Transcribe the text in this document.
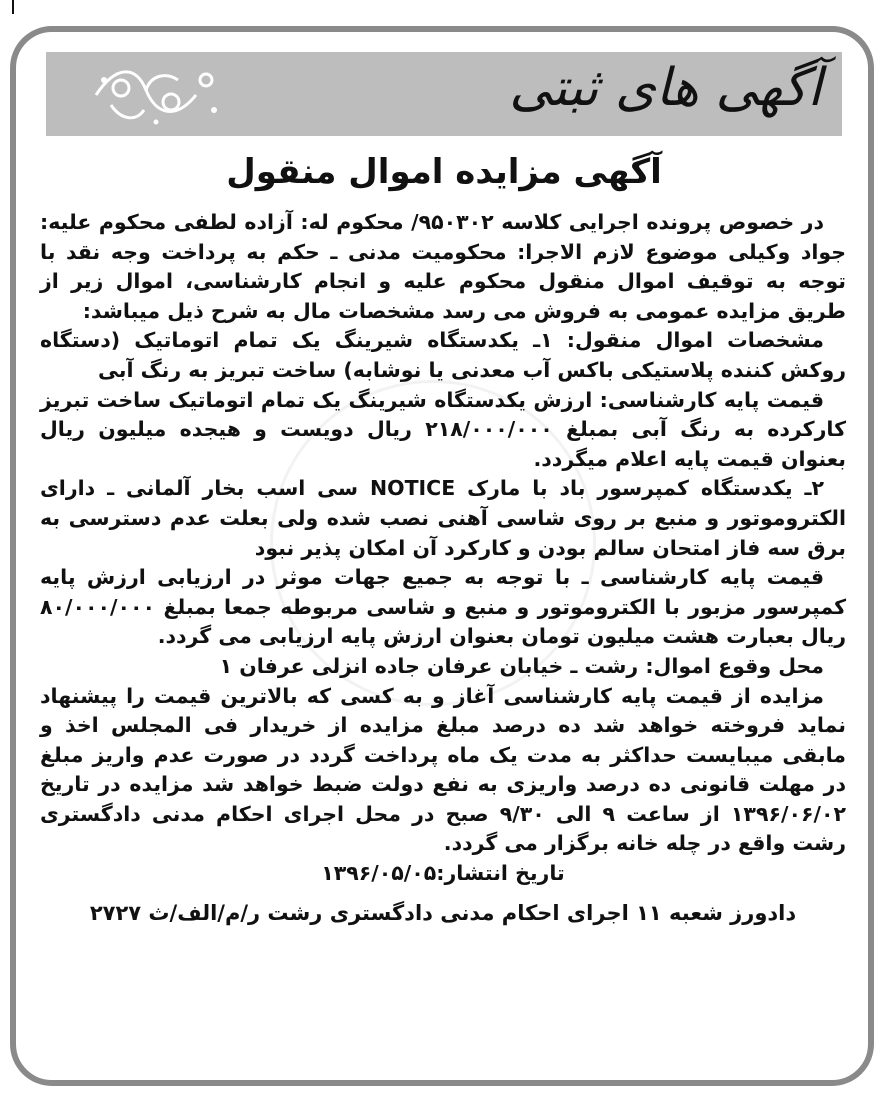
آگهی های ثبتی
آگهی مزایده اموال منقول

در خصوص پرونده اجرایی کلاسه ۹۵۰۳۰۲/ محکوم له: آزاده لطفی محکوم علیه: جواد وکیلی موضوع لازم الاجرا: محکومیت مدنی ـ حکم به پرداخت وجه نقد با توجه به توقیف اموال منقول محکوم علیه و انجام کارشناسی، اموال زیر از طریق مزایده عمومی به فروش می رسد مشخصات مال به شرح ذیل میباشد:

مشخصات اموال منقول: ۱ـ یکدستگاه شیرینگ یک تمام اتوماتیک (دستگاه روکش کننده پلاستیکی باکس آب معدنی یا نوشابه) ساخت تبریز به رنگ آبی

قیمت پایه کارشناسی: ارزش یکدستگاه شیرینگ یک تمام اتوماتیک ساخت تبریز کارکرده به رنگ آبی بمبلغ ۲۱۸/۰۰۰/۰۰۰ ریال دویست و هیجده میلیون ریال بعنوان قیمت پایه اعلام میگردد.

۲ـ یکدستگاه کمپرسور باد با مارک NOTICE سی اسب بخار آلمانی ـ دارای الکتروموتور و منبع بر روی شاسی آهنی نصب شده ولی بعلت عدم دسترسی به برق سه فاز امتحان سالم بودن و کارکرد آن امکان پذیر نبود

قیمت پایه کارشناسی ـ با توجه به جمیع جهات موثر در ارزیابی ارزش پایه کمپرسور مزبور با الکتروموتور و منبع و شاسی مربوطه جمعا بمبلغ ۸۰/۰۰۰/۰۰۰ ریال بعبارت هشت میلیون تومان بعنوان ارزش پایه ارزیابی می گردد.

محل وقوع اموال: رشت ـ خیابان عرفان جاده انزلی عرفان ۱

مزایده از قیمت پایه کارشناسی آغاز و به کسی که بالاترین قیمت را پیشنهاد نماید فروخته خواهد شد ده درصد مبلغ مزایده از خریدار فی المجلس اخذ و مابقی میبایست حداکثر به مدت یک ماه پرداخت گردد در صورت عدم واریز مبلغ در مهلت قانونی ده درصد واریزی به نفع دولت ضبط خواهد شد مزایده در تاریخ ۱۳۹۶/۰۶/۰۲ از ساعت ۹ الی ۹/۳۰ صبح در محل اجرای احکام مدنی دادگستری رشت واقع در چله خانه برگزار می گردد.

تاریخ انتشار:۱۳۹۶/۰۵/۰۵

دادورز شعبه ۱۱ اجرای احکام مدنی دادگستری رشت ر/م/الف/ث ۲۷۲۷
